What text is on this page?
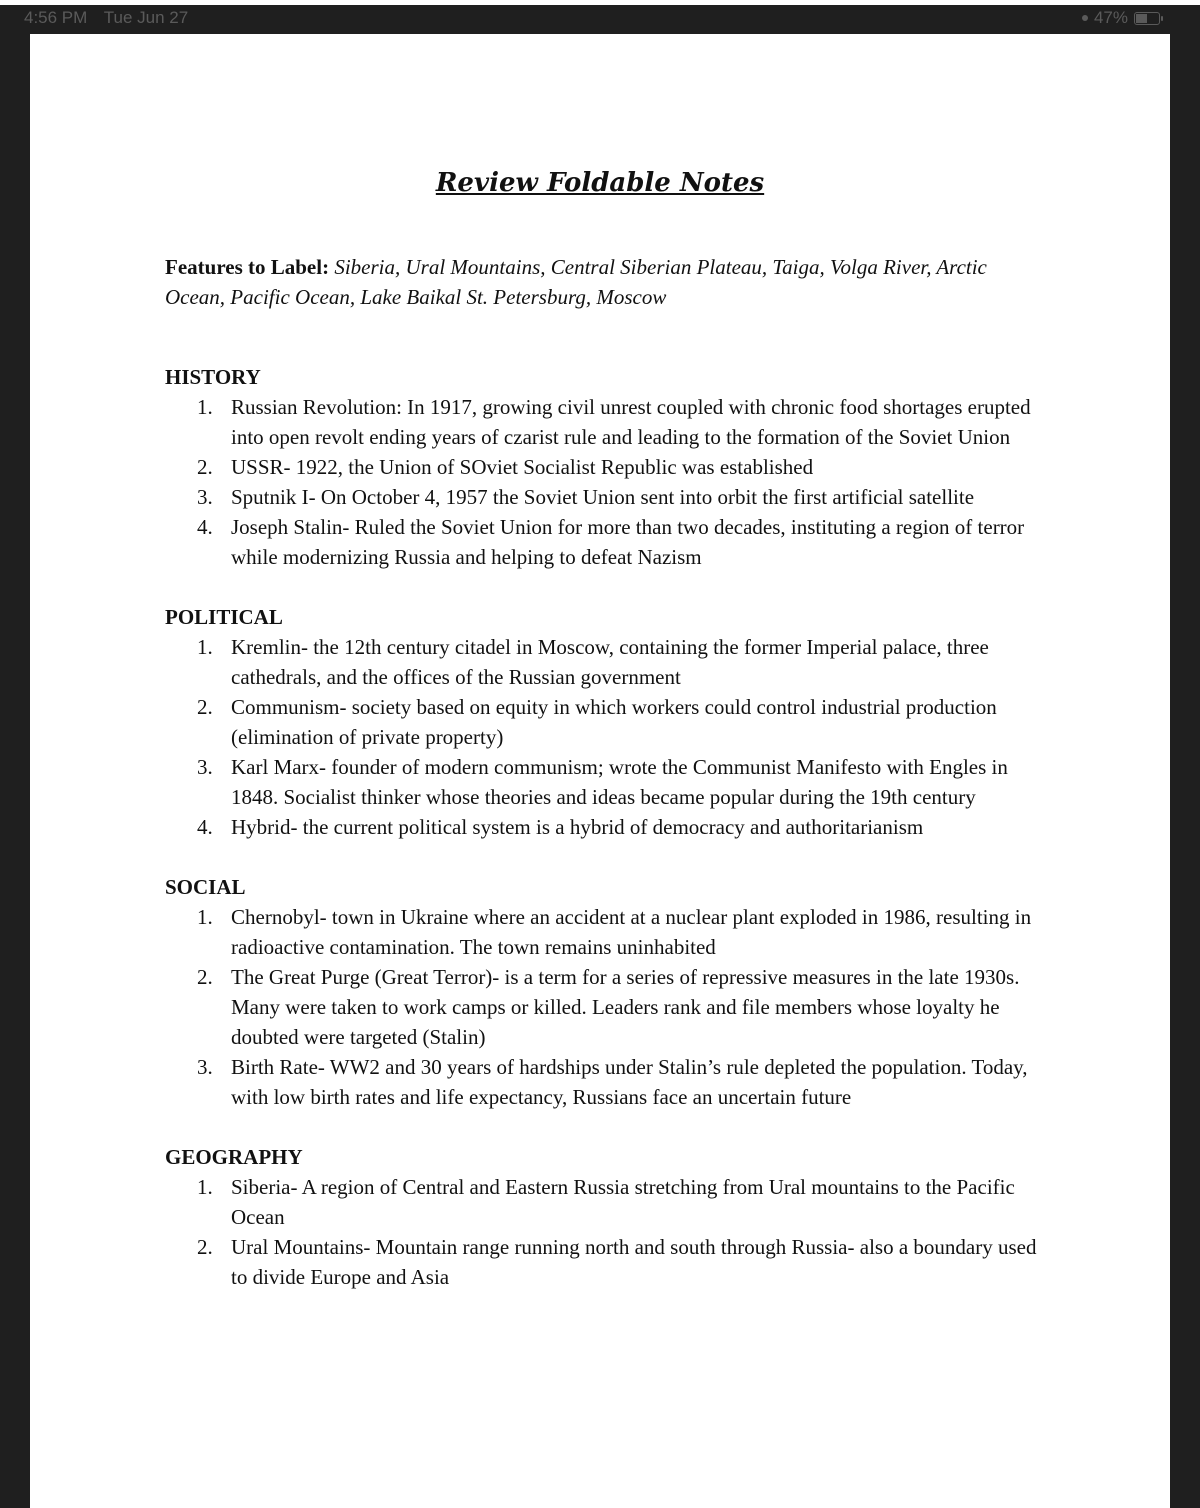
4:56 PM Tue Jun 27	47%
Review Foldable Notes
Features to Label: Siberia, Ural Mountains, Central Siberian Plateau, Taiga, Volga River, Arctic Ocean, Pacific Ocean, Lake Baikal St. Petersburg, Moscow
HISTORY
1. Russian Revolution: In 1917, growing civil unrest coupled with chronic food shortages erupted into open revolt ending years of czarist rule and leading to the formation of the Soviet Union
2. USSR- 1922, the Union of SOviet Socialist Republic was established
3. Sputnik I- On October 4, 1957 the Soviet Union sent into orbit the first artificial satellite
4. Joseph Stalin- Ruled the Soviet Union for more than two decades, instituting a region of terror while modernizing Russia and helping to defeat Nazism
POLITICAL
1. Kremlin- the 12th century citadel in Moscow, containing the former Imperial palace, three cathedrals, and the offices of the Russian government
2. Communism- society based on equity in which workers could control industrial production (elimination of private property)
3. Karl Marx- founder of modern communism; wrote the Communist Manifesto with Engles in 1848. Socialist thinker whose theories and ideas became popular during the 19th century
4. Hybrid- the current political system is a hybrid of democracy and authoritarianism
SOCIAL
1. Chernobyl- town in Ukraine where an accident at a nuclear plant exploded in 1986, resulting in radioactive contamination. The town remains uninhabited
2. The Great Purge (Great Terror)- is a term for a series of repressive measures in the late 1930s. Many were taken to work camps or killed. Leaders rank and file members whose loyalty he doubted were targeted (Stalin)
3. Birth Rate- WW2 and 30 years of hardships under Stalin’s rule depleted the population. Today, with low birth rates and life expectancy, Russians face an uncertain future
GEOGRAPHY
1. Siberia- A region of Central and Eastern Russia stretching from Ural mountains to the Pacific Ocean
2. Ural Mountains- Mountain range running north and south through Russia- also a boundary used to divide Europe and Asia
